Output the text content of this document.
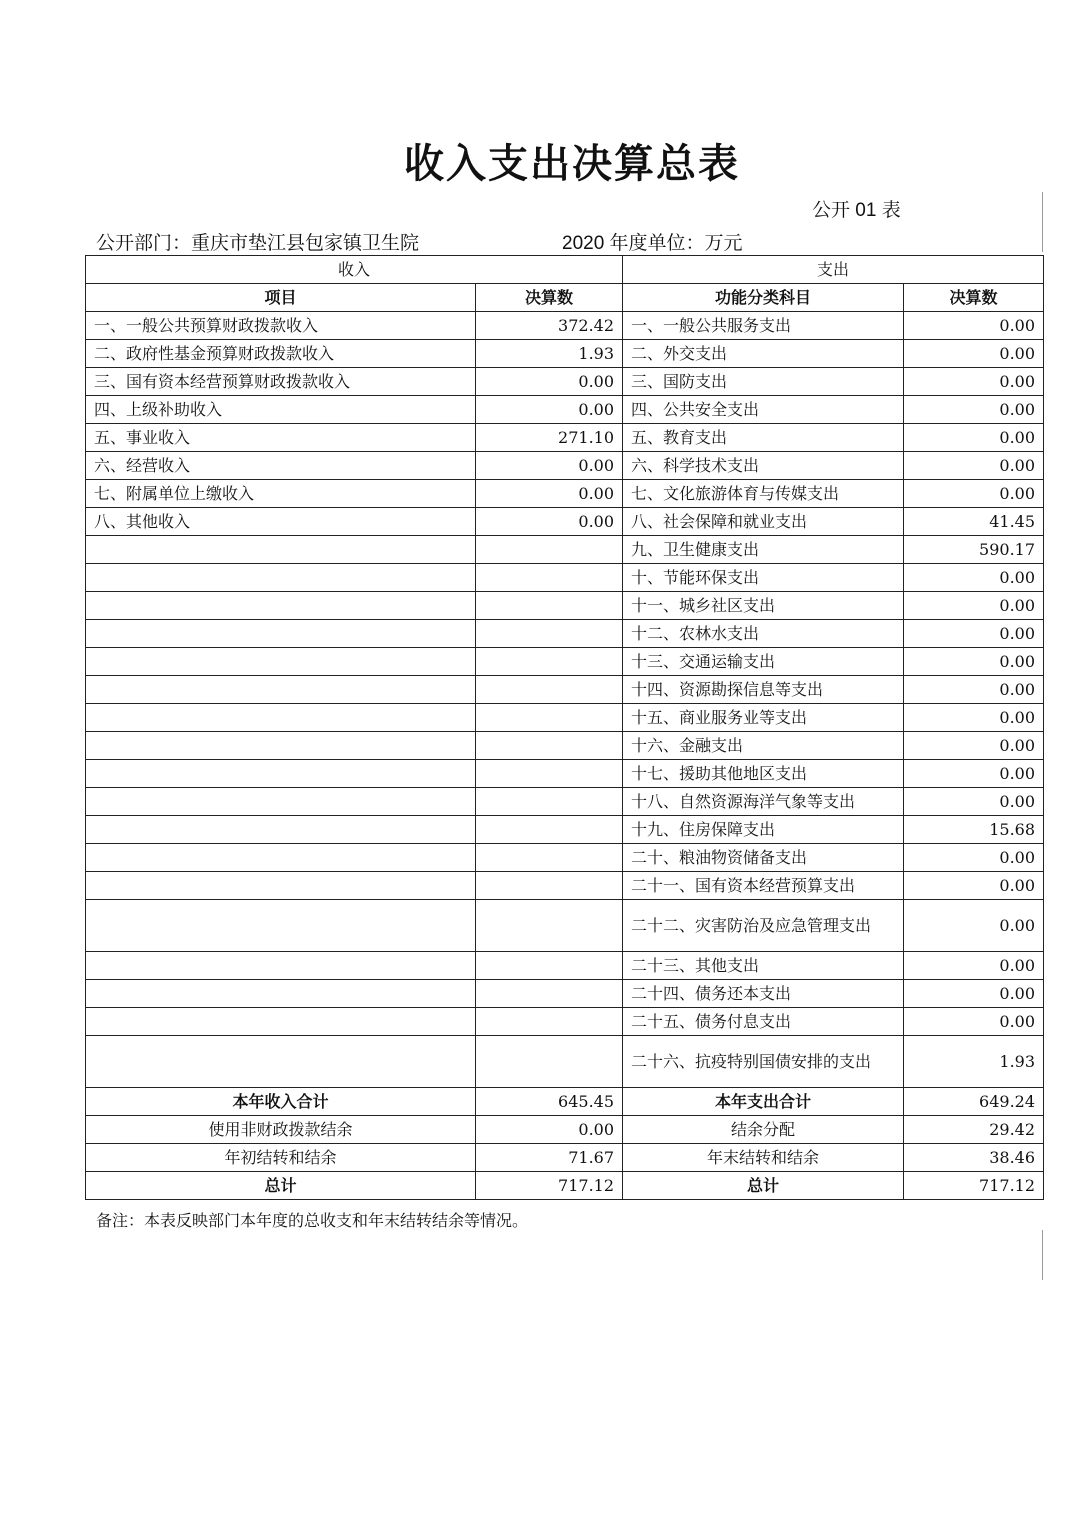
收入支出决算总表
公开 01 表
公开部门：重庆市垫江县包家镇卫生院	2020 年度单位：万元
收入		支出	
项目	决算数	功能分类科目	决算数
一、一般公共预算财政拨款收入	372.42	一、一般公共服务支出	0.00
二、政府性基金预算财政拨款收入	1.93	二、外交支出	0.00
三、国有资本经营预算财政拨款收入	0.00	三、国防支出	0.00
四、上级补助收入	0.00	四、公共安全支出	0.00
五、事业收入	271.10	五、教育支出	0.00
六、经营收入	0.00	六、科学技术支出	0.00
七、附属单位上缴收入	0.00	七、文化旅游体育与传媒支出	0.00
八、其他收入	0.00	八、社会保障和就业支出	41.45
		九、卫生健康支出	590.17
		十、节能环保支出	0.00
		十一、城乡社区支出	0.00
		十二、农林水支出	0.00
		十三、交通运输支出	0.00
		十四、资源勘探信息等支出	0.00
		十五、商业服务业等支出	0.00
		十六、金融支出	0.00
		十七、援助其他地区支出	0.00
		十八、自然资源海洋气象等支出	0.00
		十九、住房保障支出	15.68
		二十、粮油物资储备支出	0.00
		二十一、国有资本经营预算支出	0.00
		二十二、灾害防治及应急管理支出	0.00
		二十三、其他支出	0.00
		二十四、债务还本支出	0.00
		二十五、债务付息支出	0.00
		二十六、抗疫特别国债安排的支出	1.93
本年收入合计	645.45	本年支出合计	649.24
使用非财政拨款结余	0.00	结余分配	29.42
年初结转和结余	71.67	年末结转和结余	38.46
总计	717.12	总计	717.12
备注：本表反映部门本年度的总收支和年末结转结余等情况。
